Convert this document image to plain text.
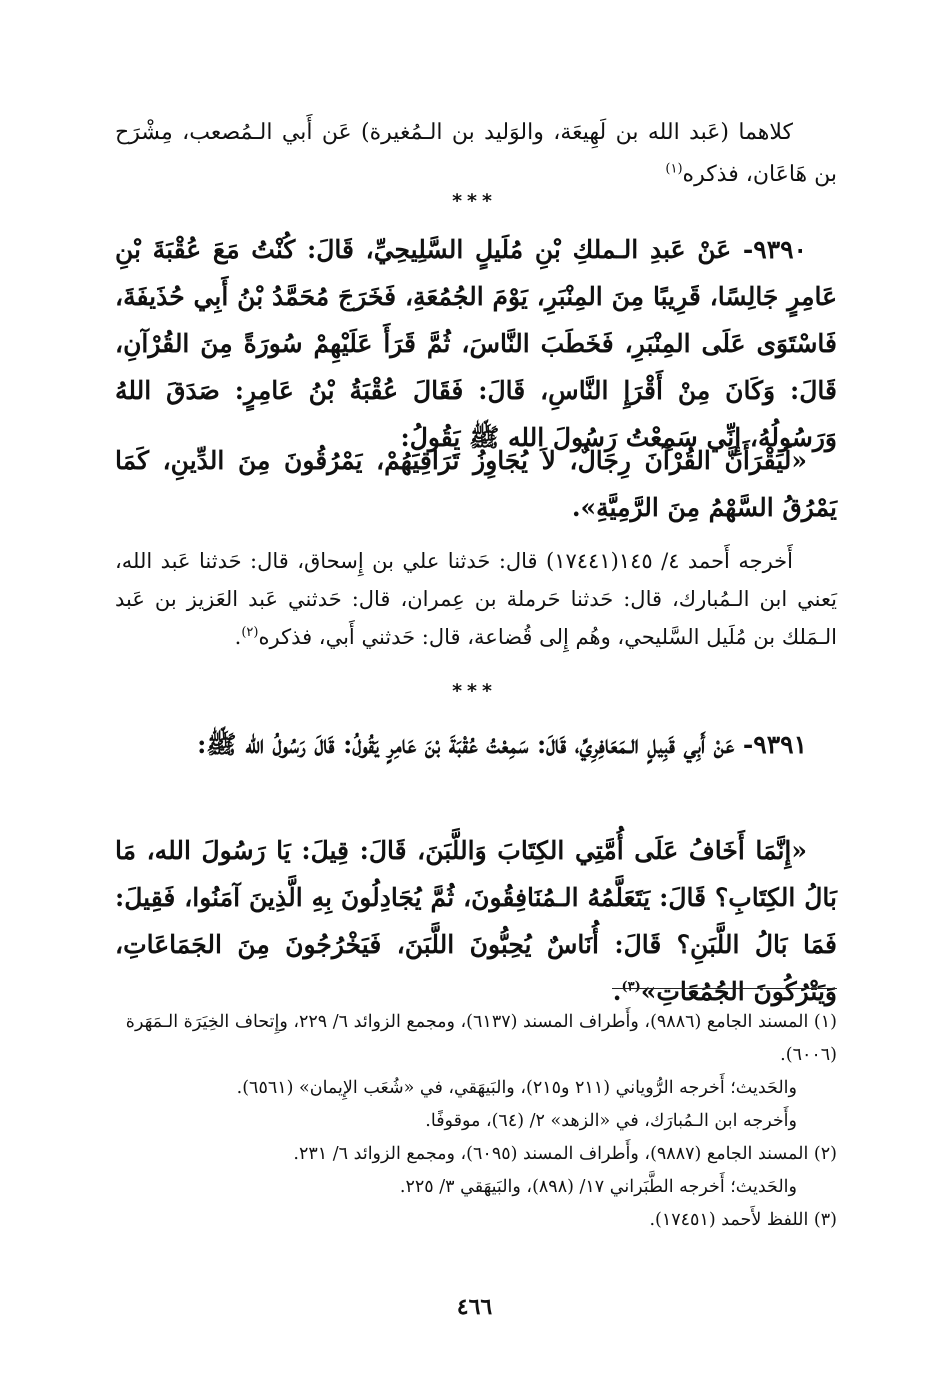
كلاهما (عَبد الله بن لَهِيعَة، والوَليد بن الـمُغيرة) عَن أَبي الـمُصعب، مِشْرَح بن هَاعَان، فذكره$^{(١)}$

***

٩٣٩٠- عَنْ عَبدِ الـملكِ بْنِ مُلَيلٍ السَّلِيحِيِّ، قَالَ: كُنْتُ مَعَ عُقْبَةَ بْنِ عَامِرٍ جَالِسًا، قَرِيبًا مِنَ المِنْبَرِ، يَوْمَ الجُمُعَةِ، فَخَرَجَ مُحَمَّدُ بْنُ أَبِي حُذَيفَةَ، فَاسْتَوَى عَلَى المِنْبَرِ، فَخَطَبَ النَّاسَ، ثُمَّ قَرَأَ عَلَيْهِمْ سُورَةً مِنَ القُرْآنِ، قَالَ: وَكَانَ مِنْ أَقْرَإِ النَّاسِ، قَالَ: فَقَالَ عُقْبَةُ بْنُ عَامِرٍ: صَدَقَ اللهُ وَرَسُولُهُ، إِنِّي سَمِعْتُ رَسُولَ الله ﷺ يَقُولُ:

«لَيَقْرَأَنَّ القُرْآنَ رِجَالٌ، لاَ يُجَاوِزُ تَرَاقِيَهُمْ، يَمْرُقُونَ مِنَ الدِّينِ، كَمَا يَمْرُقُ السَّهْمُ مِنَ الرَّمِيَّةِ».

أَخرجه أَحمد ٤/ ١٤٥(١٧٤٤١) قال: حَدثنا علي بن إِسحاق، قال: حَدثنا عَبد الله، يَعني ابن الـمُبارك، قال: حَدثنا حَرملة بن عِمران، قال: حَدثني عَبد العَزيز بن عَبد الـمَلك بن مُلَيل السَّليحي، وهُم إِلى قُضاعة، قال: حَدثني أَبي، فذكره$^{(٢)}$.

***

٩٣٩١- عَنْ أَبِي قَبِيلٍ الـمَعَافِرِيِّ، قَالَ: سَمِعْتُ عُقْبَةَ بْنَ عَامِرٍ يَقُولُ: قَالَ رَسُولُ الله ﷺ:

«إِنَّمَا أَخَافُ عَلَى أُمَّتِي الكِتَابَ وَاللَّبَنَ، قَالَ: قِيلَ: يَا رَسُولَ الله، مَا بَالُ الكِتَابِ؟ قَالَ: يَتَعَلَّمُهُ الـمُنَافِقُونَ، ثُمَّ يُجَادِلُونَ بِهِ الَّذِينَ آمَنُوا، فَقِيلَ: فَمَا بَالُ اللَّبَنِ؟ قَالَ: أُنَاسٌ يُحِبُّونَ اللَّبَنَ، فَيَخْرُجُونَ مِنَ الجَمَاعَاتِ، وَيَتْرُكُونَ الجُمُعَاتِ»$^{(٣)}$.

(١) المسند الجامع (٩٨٨٦)، وأَطراف المسند (٦١٣٧)، ومجمع الزوائد ٦/ ٢٢٩، وإِتحاف الخِيَرَة الـمَهَرة (٦٠٠٦).

والحَديث؛ أَخرجه الرُّوياني (٢١١ و٢١٥)، والبَيهَقي، في «شُعَب الإِيمان» (٦٥٦١).

وأَخرجه ابن الـمُبارَك، في «الزهد» ٢/ (٦٤)، موقوفًا.

(٢) المسند الجامع (٩٨٨٧)، وأَطراف المسند (٦٠٩٥)، ومجمع الزوائد ٦/ ٢٣١.

والحَديث؛ أَخرجه الطَّبَراني ١٧/ (٨٩٨)، والبَيهَقي ٣/ ٢٢٥.

(٣) اللفظ لأَحمد (١٧٤٥١).

٤٦٦
